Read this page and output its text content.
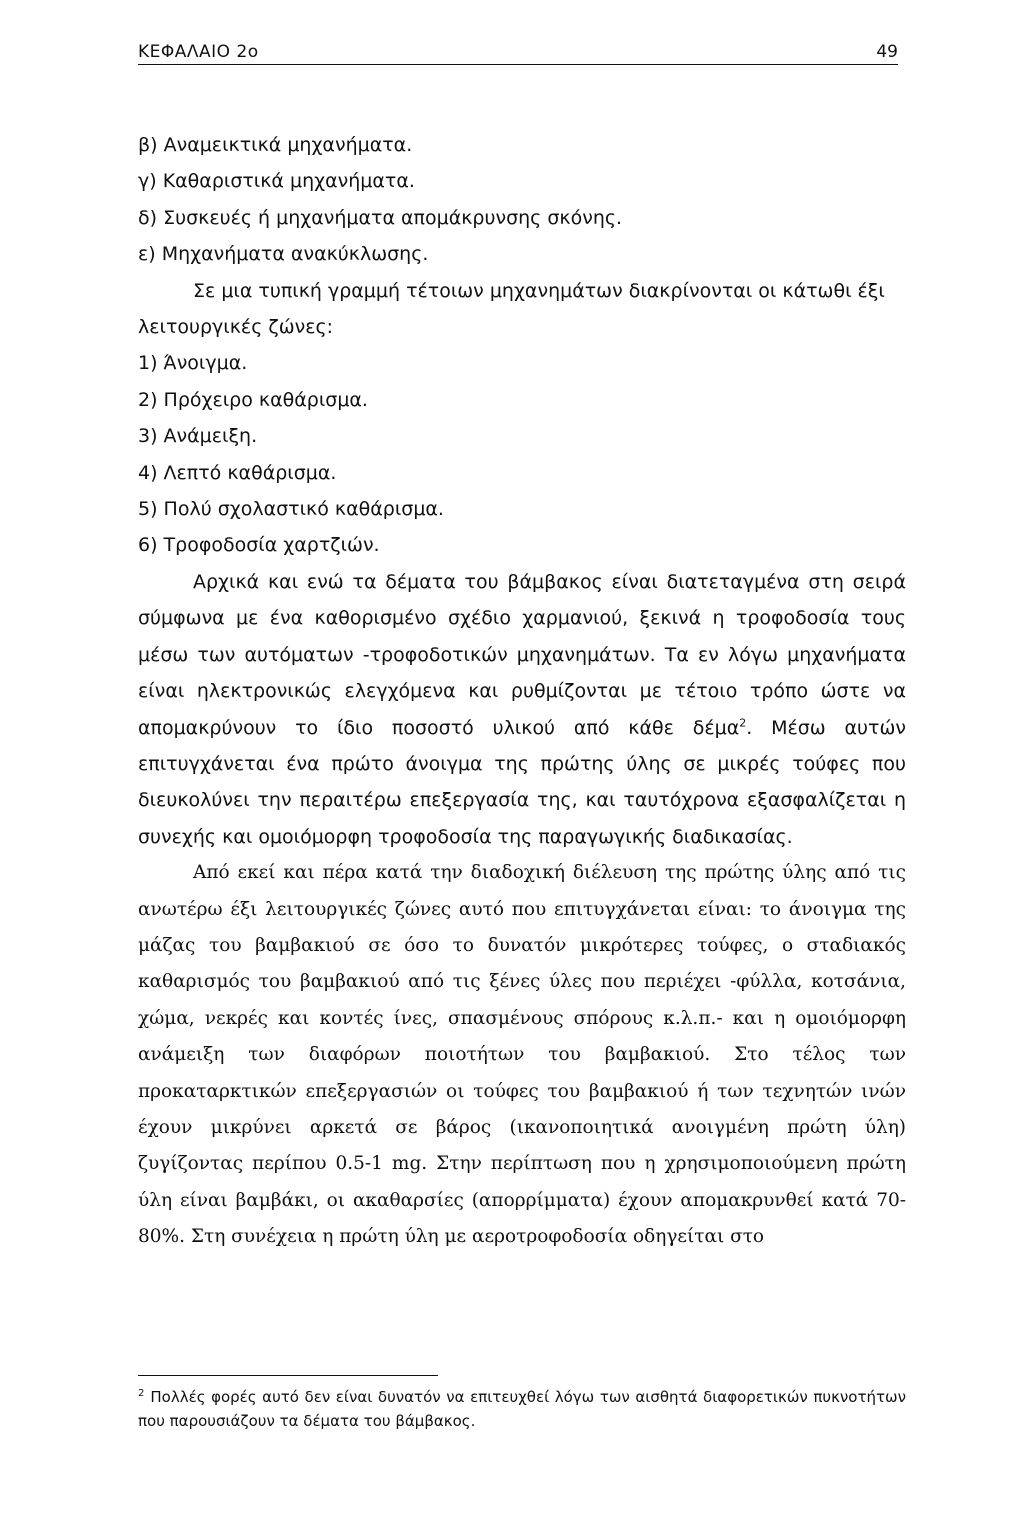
ΚΕΦΑΛΑΙΟ 2ο	49

β) Αναμεικτικά μηχανήματα.

γ) Καθαριστικά μηχανήματα.

δ) Συσκευές ή μηχανήματα απομάκρυνσης σκόνης.

ε) Μηχανήματα ανακύκλωσης.

Σε μια τυπική γραμμή τέτοιων μηχανημάτων διακρίνονται οι κάτωθι έξι

λειτουργικές ζώνες:

1) Άνοιγμα.

2) Πρόχειρο καθάρισμα.

3) Ανάμειξη.

4) Λεπτό καθάρισμα.

5) Πολύ σχολαστικό καθάρισμα.

6) Τροφοδοσία χαρτζιών.

Αρχικά και ενώ τα δέματα του βάμβακος είναι διατεταγμένα στη σειρά σύμφωνα με ένα καθορισμένο σχέδιο χαρμανιού, ξεκινά η τροφοδοσία τους μέσω των αυτόματων -τροφοδοτικών μηχανημάτων. Τα εν λόγω μηχανήματα είναι ηλεκτρονικώς ελεγχόμενα και ρυθμίζονται με τέτοιο τρόπο ώστε να απομακρύνουν το ίδιο ποσοστό υλικού από κάθε δέμα$^2$. Μέσω αυτών επιτυγχάνεται ένα πρώτο άνοιγμα της πρώτης ύλης σε μικρές τούφες που διευκολύνει την περαιτέρω επεξεργασία της, και ταυτόχρονα εξασφαλίζεται η συνεχής και ομοιόμορφη τροφοδοσία της παραγωγικής διαδικασίας.

Από εκεί και πέρα κατά την διαδοχική διέλευση της πρώτης ύλης από τις ανωτέρω έξι λειτουργικές ζώνες αυτό που επιτυγχάνεται είναι: το άνοιγμα της μάζας του βαμβακιού σε όσο το δυνατόν μικρότερες τούφες, ο σταδιακός καθαρισμός του βαμβακιού από τις ξένες ύλες που περιέχει -φύλλα, κοτσάνια, χώμα, νεκρές και κοντές ίνες, σπασμένους σπόρους κ.λ.π.- και η ομοιόμορφη ανάμειξη των διαφόρων ποιοτήτων του βαμβακιού. Στο τέλος των προκαταρκτικών επεξεργασιών οι τούφες του βαμβακιού ή των τεχνητών ινών έχουν μικρύνει αρκετά σε βάρος (ικανοποιητικά ανοιγμένη πρώτη ύλη) ζυγίζοντας περίπου 0.5-1 mg. Στην περίπτωση που η χρησιμοποιούμενη πρώτη ύλη είναι βαμβάκι, οι ακαθαρσίες (απορρίμματα) έχουν απομακρυνθεί κατά 70-80%. Στη συνέχεια η πρώτη ύλη με αεροτροφοδοσία οδηγείται στο

$^2$ Πολλές φορές αυτό δεν είναι δυνατόν να επιτευχθεί λόγω των αισθητά διαφορετικών πυκνοτήτων που παρουσιάζουν τα δέματα του βάμβακος.
